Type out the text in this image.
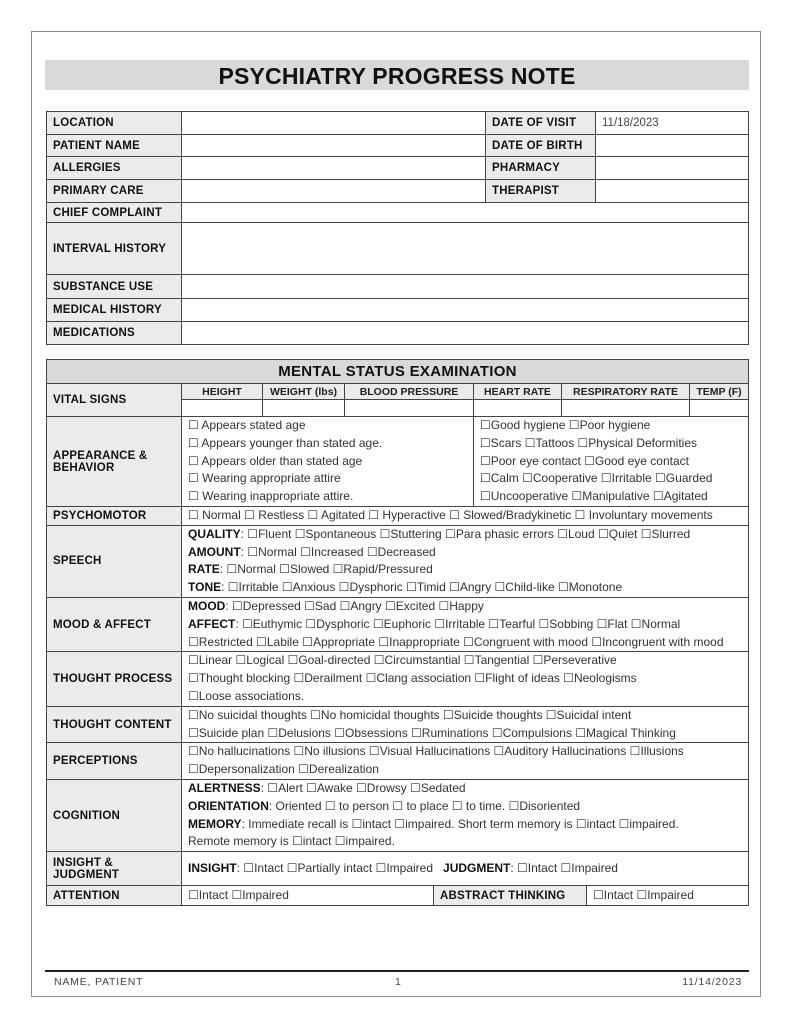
PSYCHIATRY PROGRESS NOTE
LOCATION		DATE OF VISIT	11/18/2023
PATIENT NAME		DATE OF BIRTH	
ALLERGIES		PHARMACY	
PRIMARY CARE		THERAPIST	
CHIEF COMPLAINT			
INTERVAL HISTORY			
SUBSTANCE USE			
MEDICAL HISTORY			
MEDICATIONS			
MENTAL STATUS EXAMINATION								
VITAL SIGNS	HEIGHT	WEIGHT (lbs)	BLOOD PRESSURE		HEART RATE	RESPIRATORY RATE		TEMP (F)

APPEARANCE & BEHAVIOR	☐ Appears stated age
☐ Appears younger than stated age.
☐ Appears older than stated age
☐ Wearing appropriate attire
☐ Wearing inappropriate attire.				☐Good hygiene ☐Poor hygiene
☐Scars ☐Tattoos ☐Physical Deformities
☐Poor eye contact ☐Good eye contact
☐Calm ☐Cooperative ☐Irritable ☐Guarded
☐Uncooperative ☐Manipulative ☐Agitated			

PSYCHOMOTOR	☐ Normal ☐ Restless ☐ Agitated ☐ Hyperactive ☐ Slowed/Bradykinetic ☐ Involuntary movements							
SPEECH	QUALITY: ☐Fluent ☐Spontaneous ☐Stuttering ☐Para phasic errors ☐Loud ☐Quiet ☐Slurred
AMOUNT: ☐Normal ☐Increased ☐Decreased
RATE: ☐Normal ☐Slowed ☐Rapid/Pressured
TONE: ☐Irritable ☐Anxious ☐Dysphoric ☐Timid ☐Angry ☐Child-like ☐Monotone							

MOOD & AFFECT	MOOD: ☐Depressed ☐Sad ☐Angry ☐Excited ☐Happy
AFFECT: ☐Euthymic ☐Dysphoric ☐Euphoric ☐Irritable ☐Tearful ☐Sobbing ☐Flat ☐Normal
☐Restricted ☐Labile ☐Appropriate ☐Inappropriate ☐Congruent with mood ☐Incongruent with mood							

THOUGHT PROCESS	☐Linear ☐Logical ☐Goal-directed ☐Circumstantial ☐Tangential ☐Perseverative
☐Thought blocking ☐Derailment ☐Clang association ☐Flight of ideas ☐Neologisms
☐Loose associations.							

THOUGHT CONTENT	☐No suicidal thoughts ☐No homicidal thoughts ☐Suicide thoughts ☐Suicidal intent
☐Suicide plan ☐Delusions ☐Obsessions ☐Ruminations ☐Compulsions ☐Magical Thinking							

PERCEPTIONS	☐No hallucinations ☐No illusions ☐Visual Hallucinations ☐Auditory Hallucinations ☐Illusions
☐Depersonalization ☐Derealization							

COGNITION	ALERTNESS: ☐Alert ☐Awake ☐Drowsy ☐Sedated
ORIENTATION: Oriented ☐ to person ☐ to place ☐ to time. ☐Disoriented
MEMORY: Immediate recall is ☐intact ☐impaired. Short term memory is ☐intact ☐impaired.
Remote memory is ☐intact ☐impaired.							

INSIGHT & JUDGMENT	INSIGHT: ☐Intact ☐Partially intact ☐Impaired JUDGMENT: ☐Intact ☐Impaired							

ATTENTION	☐Intact ☐Impaired			ABSTRACT THINKING			☐Intact ☐Impaired	
NAME, PATIENT	1	11/14/2023
